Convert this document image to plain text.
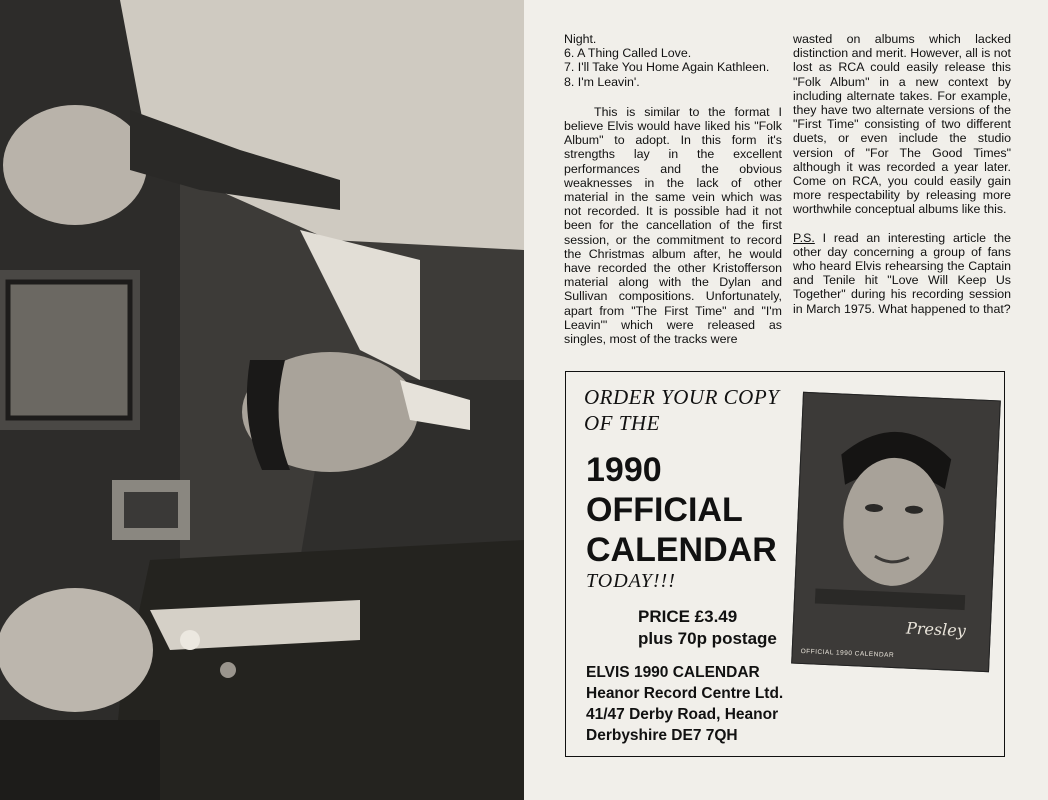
Night.
6. A Thing Called Love.
7. I'll Take You Home Again Kathleen.
8. I'm Leavin'.

This is similar to the format I believe Elvis would have liked his "Folk Album" to adopt. In this form it's strengths lay in the excellent performances and the obvious weaknesses in the lack of other material in the same vein which was not recorded. It is possible had it not been for the cancellation of the first session, or the commitment to record the Christmas album after, he would have recorded the other Kristofferson material along with the Dylan and Sullivan compositions. Unfortunately, apart from "The First Time" and "I'm Leavin'" which were released as singles, most of the tracks were

wasted on albums which lacked distinction and merit. However, all is not lost as RCA could easily release this "Folk Album" in a new context by including alternate takes. For example, they have two alternate versions of the "First Time" consisting of two different duets, or even include the studio version of "For The Good Times" although it was recorded a year later. Come on RCA, you could easily gain more respectability by releasing more worthwhile conceptual albums like this.

P.S. I read an interesting article the other day concerning a group of fans who heard Elvis rehearsing the Captain and Tenile hit "Love Will Keep Us Together" during his recording session in March 1975. What happened to that?

ORDER YOUR COPY
OF THE
1990
OFFICIAL
CALENDAR
TODAY!!!
PRICE £3.49
plus 70p postage
ELVIS 1990 CALENDAR
Heanor Record Centre Ltd.
41/47 Derby Road, Heanor
Derbyshire DE7 7QH
Presley
OFFICIAL 1990 CALENDAR
